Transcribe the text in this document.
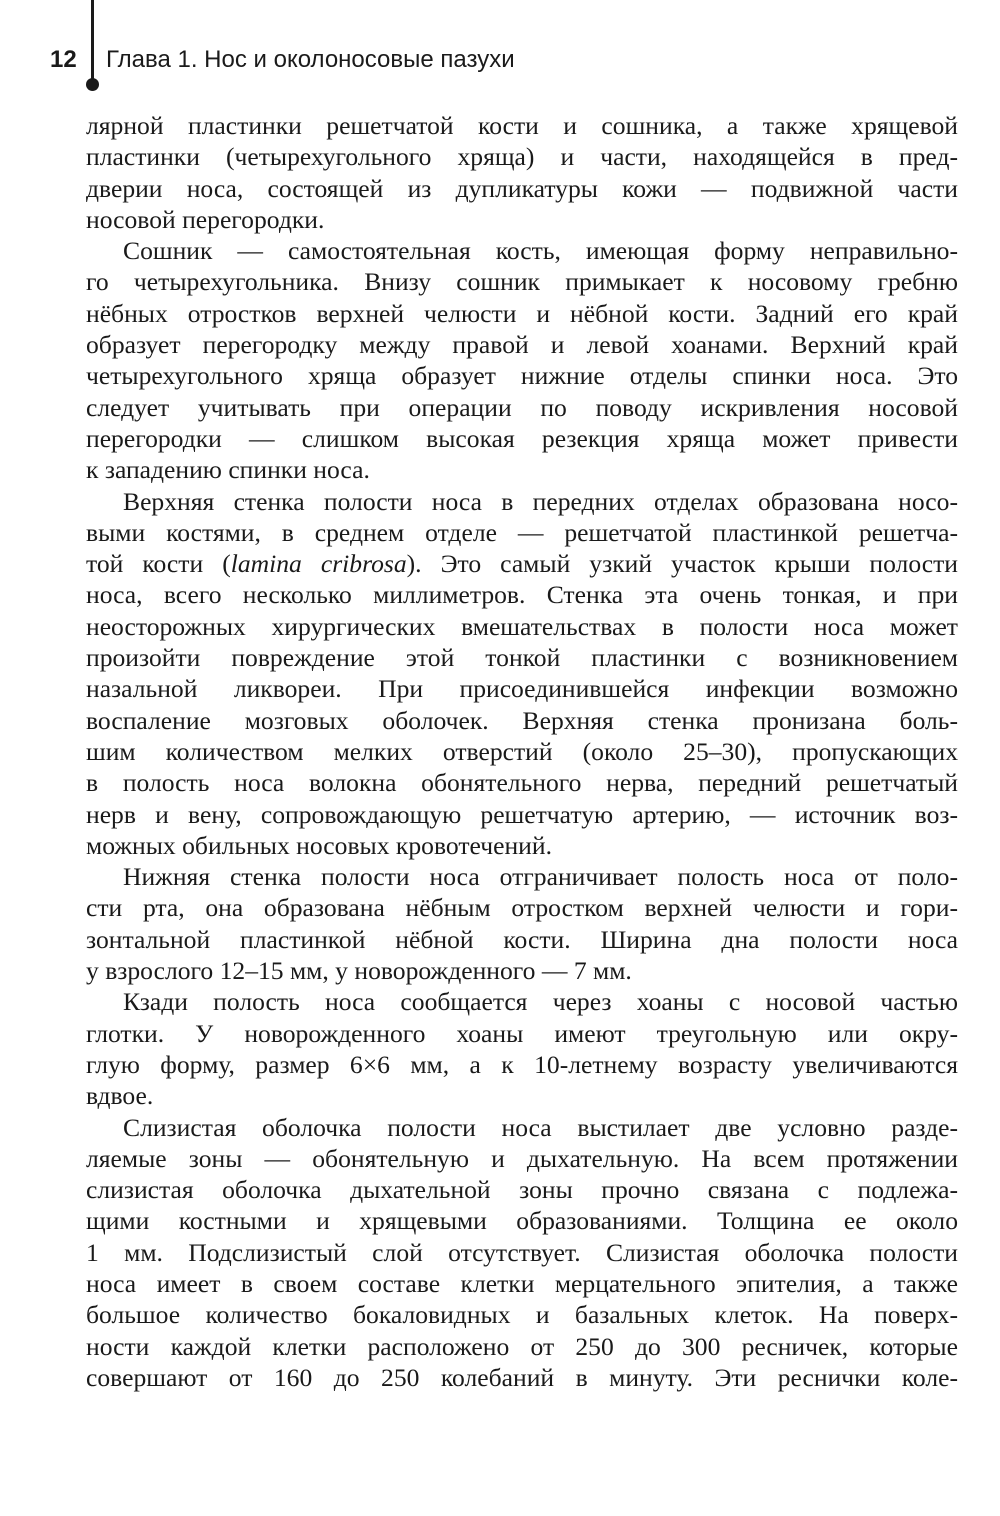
12 Глава 1. Нос и околоносовые пазухи
лярной пластинки решетчатой кости и сошника, а также хрящевой
пластинки (четырехугольного хряща) и части, находящейся в пред-
дверии носа, состоящей из дупликатуры кожи — подвижной части
носовой перегородки.
Сошник — самостоятельная кость, имеющая форму неправильно-
го четырехугольника. Внизу сошник примыкает к носовому гребню
нёбных отростков верхней челюсти и нёбной кости. Задний его край
образует перегородку между правой и левой хоанами. Верхний край
четырехугольного хряща образует нижние отделы спинки носа. Это
следует учитывать при операции по поводу искривления носовой
перегородки — слишком высокая резекция хряща может привести
к западению спинки носа.
Верхняя стенка полости носа в передних отделах образована носо-
выми костями, в среднем отделе — решетчатой пластинкой решетча-
той кости (lamina cribrosa). Это самый узкий участок крыши полости
носа, всего несколько миллиметров. Стенка эта очень тонкая, и при
неосторожных хирургических вмешательствах в полости носа может
произойти повреждение этой тонкой пластинки с возникновением
назальной ликвореи. При присоединившейся инфекции возможно
воспаление мозговых оболочек. Верхняя стенка пронизана боль-
шим количеством мелких отверстий (около 25–30), пропускающих
в полость носа волокна обонятельного нерва, передний решетчатый
нерв и вену, сопровождающую решетчатую артерию, — источник воз-
можных обильных носовых кровотечений.
Нижняя стенка полости носа отграничивает полость носа от поло-
сти рта, она образована нёбным отростком верхней челюсти и гори-
зонтальной пластинкой нёбной кости. Ширина дна полости носа
у взрослого 12–15 мм, у новорожденного — 7 мм.
Кзади полость носа сообщается через хоаны с носовой частью
глотки. У новорожденного хоаны имеют треугольную или окру-
глую форму, размер 6×6 мм, а к 10-летнему возрасту увеличиваются
вдвое.
Слизистая оболочка полости носа выстилает две условно разде-
ляемые зоны — обонятельную и дыхательную. На всем протяжении
слизистая оболочка дыхательной зоны прочно связана с подлежа-
щими костными и хрящевыми образованиями. Толщина ее около
1 мм. Подслизистый слой отсутствует. Слизистая оболочка полости
носа имеет в своем составе клетки мерцательного эпителия, а также
большое количество бокаловидных и базальных клеток. На поверх-
ности каждой клетки расположено от 250 до 300 ресничек, которые
совершают от 160 до 250 колебаний в минуту. Эти реснички коле-
